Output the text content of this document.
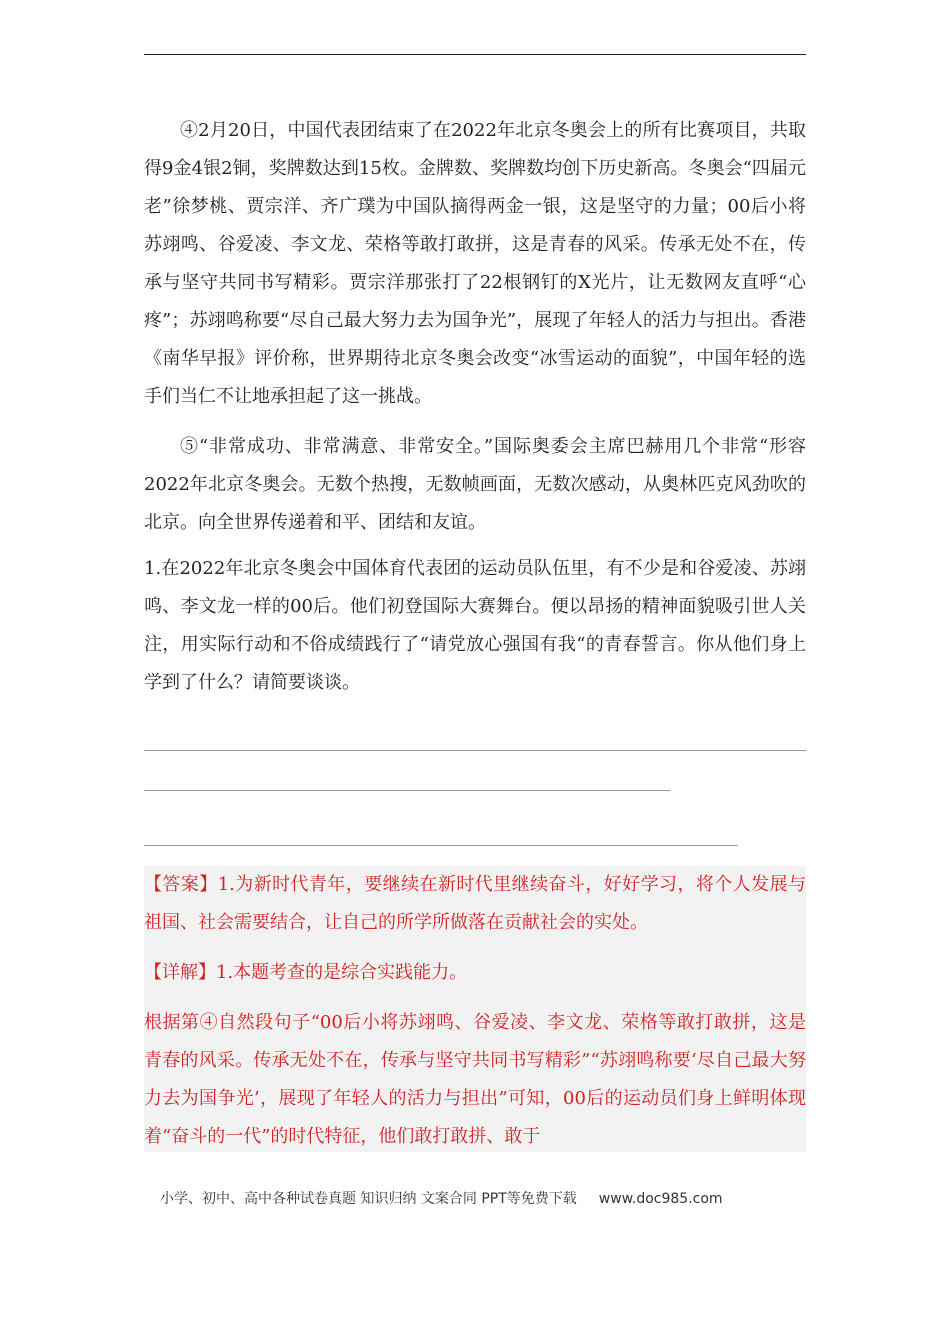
④2月20日，中国代表团结束了在2022年北京冬奥会上的所有比赛项目，共取得9金4银2铜，奖牌数达到15枚。金牌数、奖牌数均创下历史新高。冬奥会“四届元老”徐梦桃、贾宗洋、齐广璞为中国队摘得两金一银，这是坚守的力量；00后小将苏翊鸣、谷爱凌、李文龙、荣格等敢打敢拼，这是青春的风采。传承无处不在，传承与坚守共同书写精彩。贾宗洋那张打了22根钢钉的X光片，让无数网友直呼“心疼”；苏翊鸣称要“尽自己最大努力去为国争光”，展现了年轻人的活力与担出。香港《南华早报》评价称，世界期待北京冬奥会改变“冰雪运动的面貌”，中国年轻的选手们当仁不让地承担起了这一挑战。

⑤“非常成功、非常满意、非常安全。”国际奥委会主席巴赫用几个非常“形容2022年北京冬奥会。无数个热搜，无数帧画面，无数次感动，从奥林匹克风劲吹的北京。向全世界传递着和平、团结和友谊。

1.在2022年北京冬奥会中国体育代表团的运动员队伍里，有不少是和谷爱凌、苏翊鸣、李文龙一样的00后。他们初登国际大赛舞台。便以昂扬的精神面貌吸引世人关注，用实际行动和不俗成绩践行了“请党放心强国有我“的青春誓言。你从他们身上学到了什么？请简要谈谈。

【答案】1.为新时代青年，要继续在新时代里继续奋斗，好好学习，将个人发展与祖国、社会需要结合，让自己的所学所做落在贡献社会的实处。

【详解】1.本题考查的是综合实践能力。

根据第④自然段句子“00后小将苏翊鸣、谷爱凌、李文龙、荣格等敢打敢拼，这是青春的风采。传承无处不在，传承与坚守共同书写精彩”“苏翊鸣称要‘尽自己最大努力去为国争光’，展现了年轻人的活力与担出”可知，00后的运动员们身上鲜明体现着“奋斗的一代”的时代特征，他们敢打敢拼、敢于

小学、初中、高中各种试卷真题 知识归纳 文案合同 PPT等免费下载 www.doc985.com
